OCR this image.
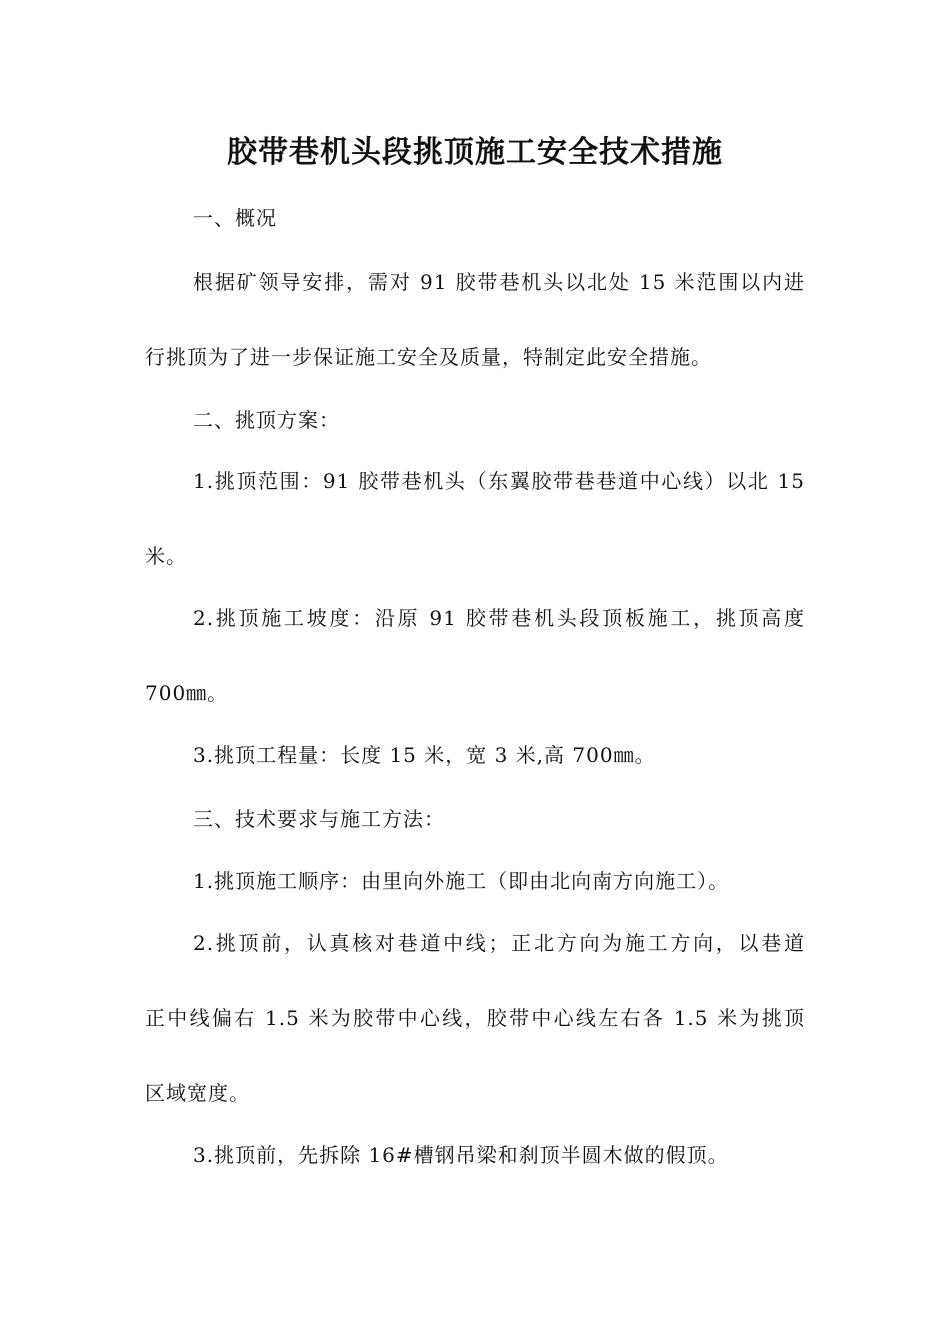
胶带巷机头段挑顶施工安全技术措施
一、概况
根据矿领导安排，需对 91 胶带巷机头以北处 15 米范围以内进
行挑顶为了进一步保证施工安全及质量，特制定此安全措施。
二、挑顶方案：
1.挑顶范围：91 胶带巷机头（东翼胶带巷巷道中心线）以北 15
米。
2.挑顶施工坡度：沿原 91 胶带巷机头段顶板施工，挑顶高度
700㎜。
3.挑顶工程量：长度 15 米，宽 3 米,高 700㎜。
三、技术要求与施工方法：
1.挑顶施工顺序：由里向外施工（即由北向南方向施工）。
2.挑顶前，认真核对巷道中线；正北方向为施工方向，以巷道
正中线偏右 1.5 米为胶带中心线，胶带中心线左右各 1.5 米为挑顶
区域宽度。
3.挑顶前，先拆除 16#槽钢吊梁和刹顶半圆木做的假顶。
